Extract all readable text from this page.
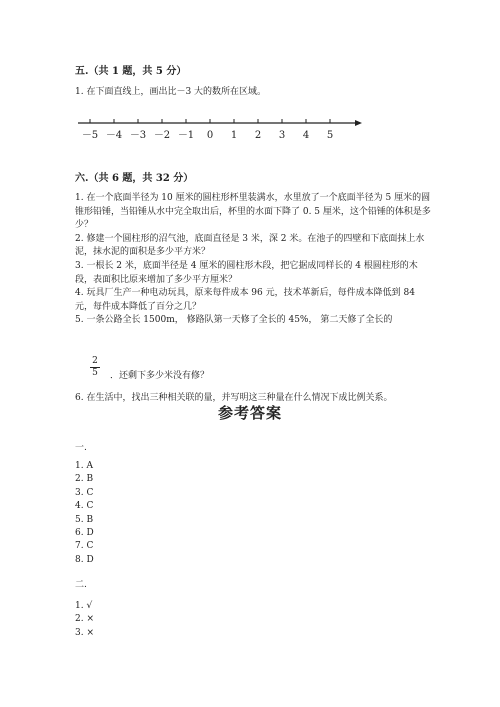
五.（共 1 题，共 5 分）
1. 在下面直线上，画出比－3 大的数所在区域。
－5 －4 －3 －2 －1 0 1 2 3 4 5
六.（共 6 题，共 32 分）

1. 在一个底面半径为 10 厘米的圆柱形杯里装满水，水里放了一个底面半径为 5 厘米的圆锥形铅锤，当铅锤从水中完全取出后，杯里的水面下降了 0. 5 厘米，这个铅锤的体积是多少？

2. 修建一个圆柱形的沼气池，底面直径是 3 米，深 2 米。在池子的四壁和下底面抹上水泥，抹水泥的面积是多少平方米？

3. 一根长 2 米，底面半径是 4 厘米的圆柱形木段，把它据成同样长的 4 根圆柱形的木段，表面积比原来增加了多少平方厘米？

4. 玩具厂生产一种电动玩具，原来每件成本 96 元，技术革新后，每件成本降低到 84 元，每件成本降低了百分之几？

5. 一条公路全长 1500m， 修路队第一天修了全长的 45%， 第二天修了全长的

2
5	．还剩下多少米没有修？
6. 在生活中，找出三种相关联的量，并写明这三种量在什么情况下成比例关系。
参考答案
一.
1. A
2. B
3. C
4. C
5. B
6. D
7. C
8. D
二.
1. √
2. ×
3. ×
